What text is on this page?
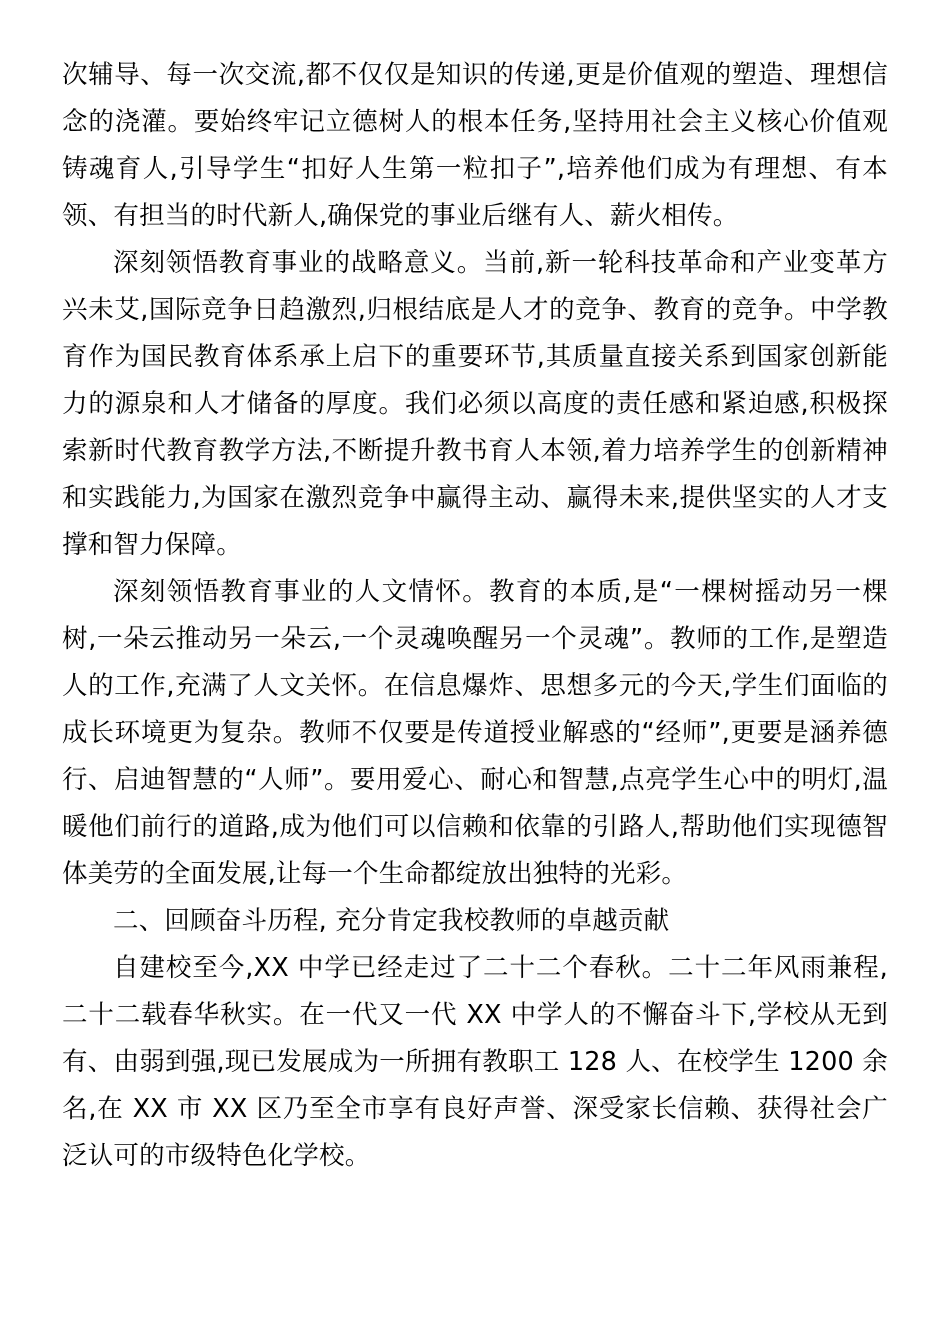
次辅导、每一次交流,都不仅仅是知识的传递,更是价值观的塑造、理想信念的浇灌。要始终牢记立德树人的根本任务,坚持用社会主义核心价值观铸魂育人,引导学生“扣好人生第一粒扣子”,培养他们成为有理想、有本领、有担当的时代新人,确保党的事业后继有人、薪火相传。

深刻领悟教育事业的战略意义。当前,新一轮科技革命和产业变革方兴未艾,国际竞争日趋激烈,归根结底是人才的竞争、教育的竞争。中学教育作为国民教育体系承上启下的重要环节,其质量直接关系到国家创新能力的源泉和人才储备的厚度。我们必须以高度的责任感和紧迫感,积极探索新时代教育教学方法,不断提升教书育人本领,着力培养学生的创新精神和实践能力,为国家在激烈竞争中赢得主动、赢得未来,提供坚实的人才支撑和智力保障。

深刻领悟教育事业的人文情怀。教育的本质,是“一棵树摇动另一棵树,一朵云推动另一朵云,一个灵魂唤醒另一个灵魂”。教师的工作,是塑造人的工作,充满了人文关怀。在信息爆炸、思想多元的今天,学生们面临的成长环境更为复杂。教师不仅要是传道授业解惑的“经师”,更要是涵养德行、启迪智慧的“人师”。要用爱心、耐心和智慧,点亮学生心中的明灯,温暖他们前行的道路,成为他们可以信赖和依靠的引路人,帮助他们实现德智体美劳的全面发展,让每一个生命都绽放出独特的光彩。

二、回顾奋斗历程, 充分肯定我校教师的卓越贡献

自建校至今,XX 中学已经走过了二十二个春秋。二十二年风雨兼程,二十二载春华秋实。在一代又一代 XX 中学人的不懈奋斗下,学校从无到有、由弱到强,现已发展成为一所拥有教职工 128 人、在校学生 1200 余名,在 XX 市 XX 区乃至全市享有良好声誉、深受家长信赖、获得社会广泛认可的市级特色化学校。
